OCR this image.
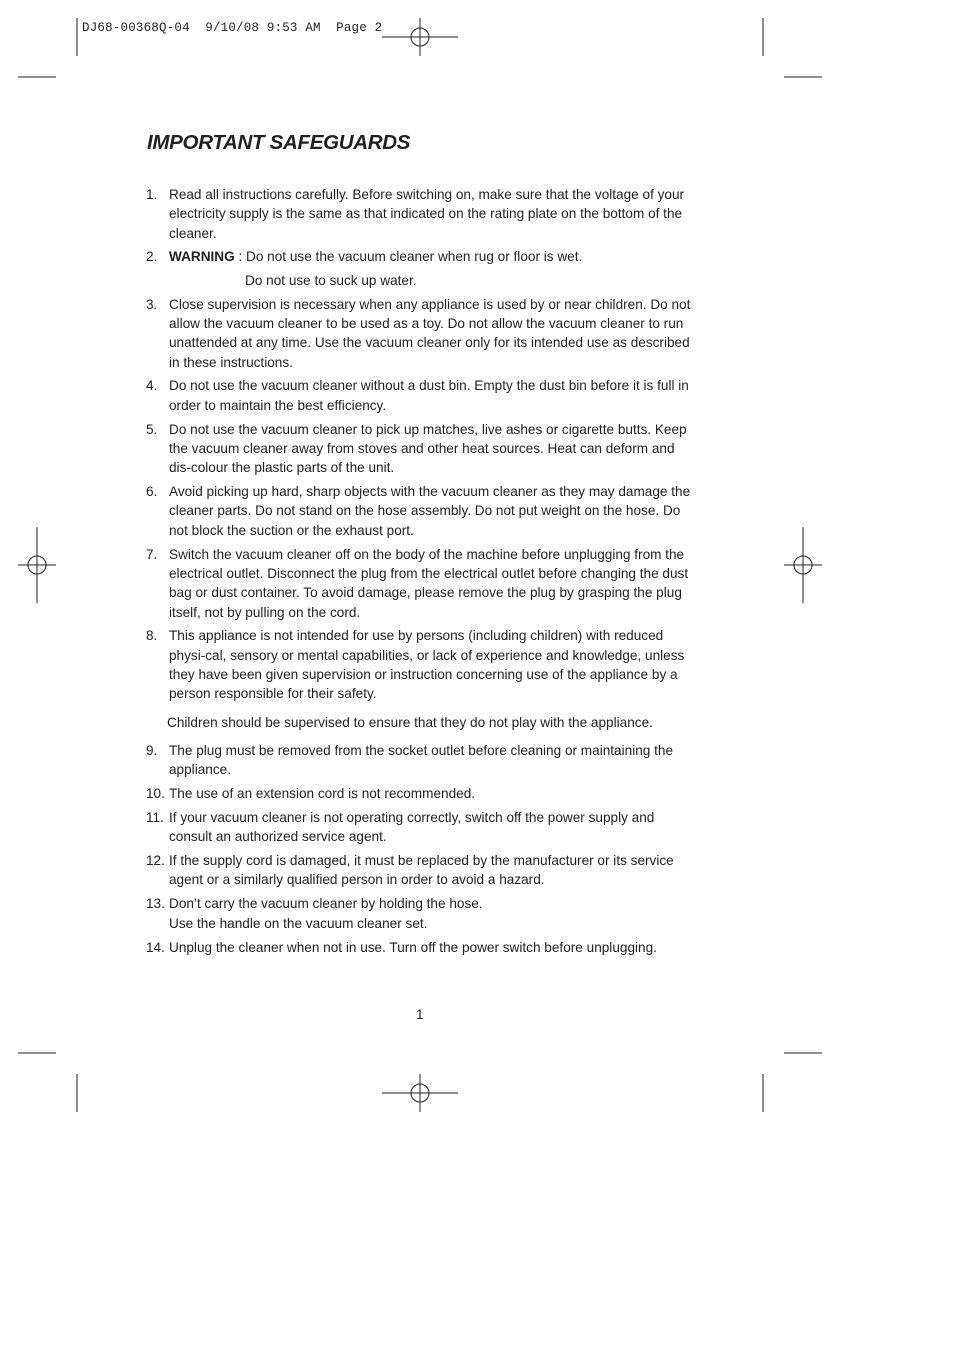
DJ68-00368Q-04  9/10/08 9:53 AM  Page 2
IMPORTANT SAFEGUARDS
1. Read all instructions carefully. Before switching on, make sure that the voltage of your electricity supply is the same as that indicated on the rating plate on the bottom of the cleaner.
2. WARNING : Do not use the vacuum cleaner when rug or floor is wet.
Do not use to suck up water.
3. Close supervision is necessary when any appliance is used by or near children. Do not allow the vacuum cleaner to be used as a toy. Do not allow the vacuum cleaner to run unattended at any time. Use the vacuum cleaner only for its intended use as described in these instructions.
4. Do not use the vacuum cleaner without a dust bin. Empty the dust bin before it is full in order to maintain the best efficiency.
5. Do not use the vacuum cleaner to pick up matches, live ashes or cigarette butts. Keep the vacuum cleaner away from stoves and other heat sources. Heat can deform and dis-colour the plastic parts of the unit.
6. Avoid picking up hard, sharp objects with the vacuum cleaner as they may damage the cleaner parts. Do not stand on the hose assembly. Do not put weight on the hose. Do not block the suction or the exhaust port.
7. Switch the vacuum cleaner off on the body of the machine before unplugging from the electrical outlet. Disconnect the plug from the electrical outlet before changing the dust bag or dust container. To avoid damage, please remove the plug by grasping the plug itself, not by pulling on the cord.
8. This appliance is not intended for use by persons (including children) with reduced physi-cal, sensory or mental capabilities, or lack of experience and knowledge, unless they have been given supervision or instruction concerning use of the appliance by a person responsible for their safety.
Children should be supervised to ensure that they do not play with the appliance.
9. The plug must be removed from the socket outlet before cleaning or maintaining the appliance.
10. The use of an extension cord is not recommended.
11. If your vacuum cleaner is not operating correctly, switch off the power supply and consult an authorized service agent.
12. If the supply cord is damaged, it must be replaced by the manufacturer or its service agent or a similarly qualified person in order to avoid a hazard.
13. Don’t carry the vacuum cleaner by holding the hose.
Use the handle on the vacuum cleaner set.
14. Unplug the cleaner when not in use. Turn off the power switch before unplugging.
1
